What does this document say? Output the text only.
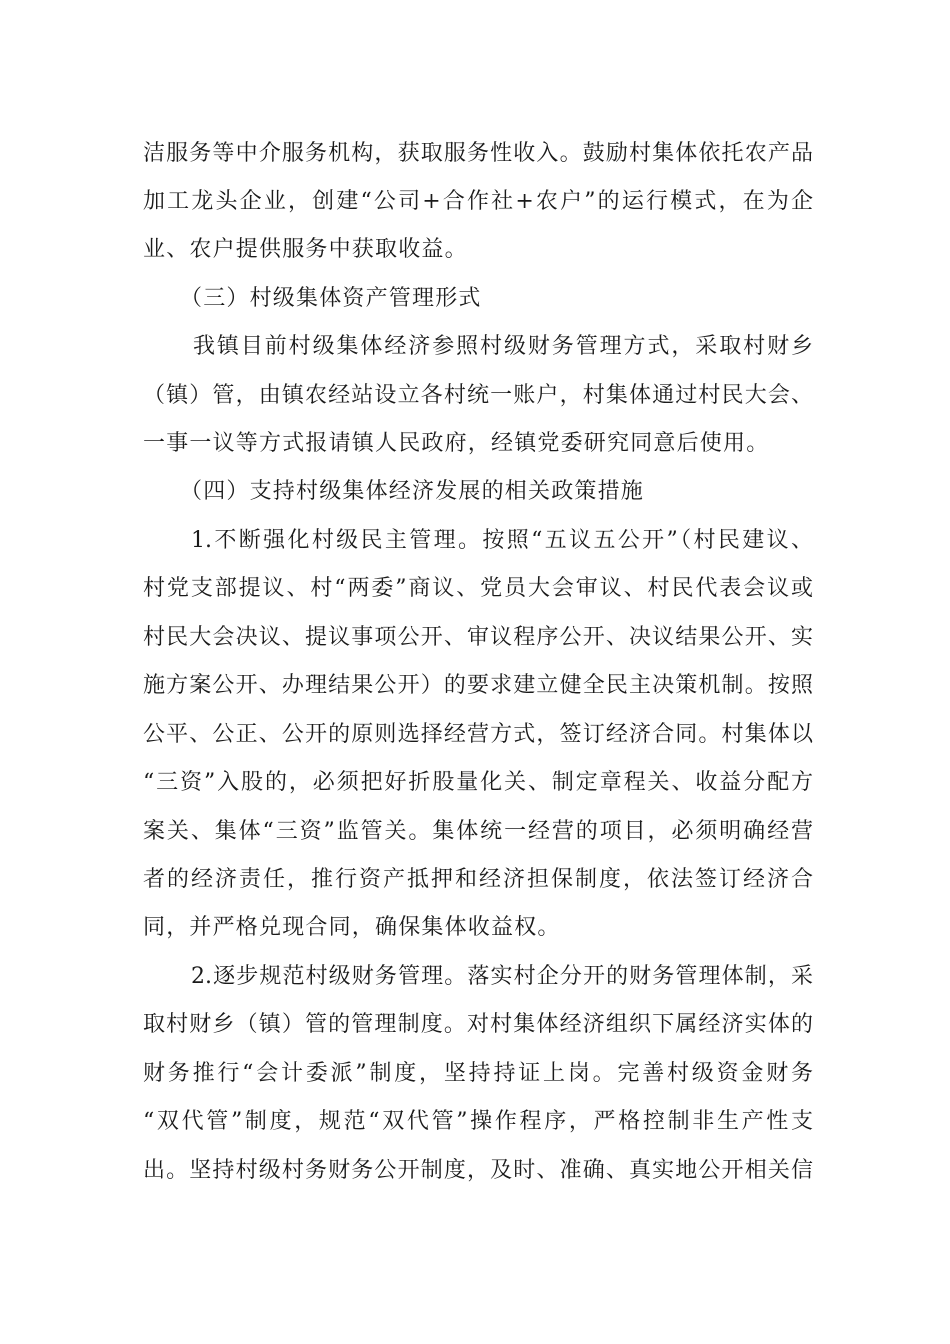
洁服务等中介服务机构，获取服务性收入。鼓励村集体依托农产品
加工龙头企业，创建“公司+合作社+农户”的运行模式，在为企
业、农户提供服务中获取收益。
（三）村级集体资产管理形式
我镇目前村级集体经济参照村级财务管理方式，采取村财乡
（镇）管，由镇农经站设立各村统一账户，村集体通过村民大会、
一事一议等方式报请镇人民政府，经镇党委研究同意后使用。
（四）支持村级集体经济发展的相关政策措施
1.不断强化村级民主管理。按照“五议五公开”（村民建议、
村党支部提议、村“两委”商议、党员大会审议、村民代表会议或
村民大会决议、提议事项公开、审议程序公开、决议结果公开、实
施方案公开、办理结果公开）的要求建立健全民主决策机制。按照
公平、公正、公开的原则选择经营方式，签订经济合同。村集体以
“三资”入股的，必须把好折股量化关、制定章程关、收益分配方
案关、集体“三资”监管关。集体统一经营的项目，必须明确经营
者的经济责任，推行资产抵押和经济担保制度，依法签订经济合
同，并严格兑现合同，确保集体收益权。
2.逐步规范村级财务管理。落实村企分开的财务管理体制，采
取村财乡（镇）管的管理制度。对村集体经济组织下属经济实体的
财务推行“会计委派”制度，坚持持证上岗。完善村级资金财务
“双代管”制度，规范“双代管”操作程序，严格控制非生产性支
出。坚持村级村务财务公开制度，及时、准确、真实地公开相关信
